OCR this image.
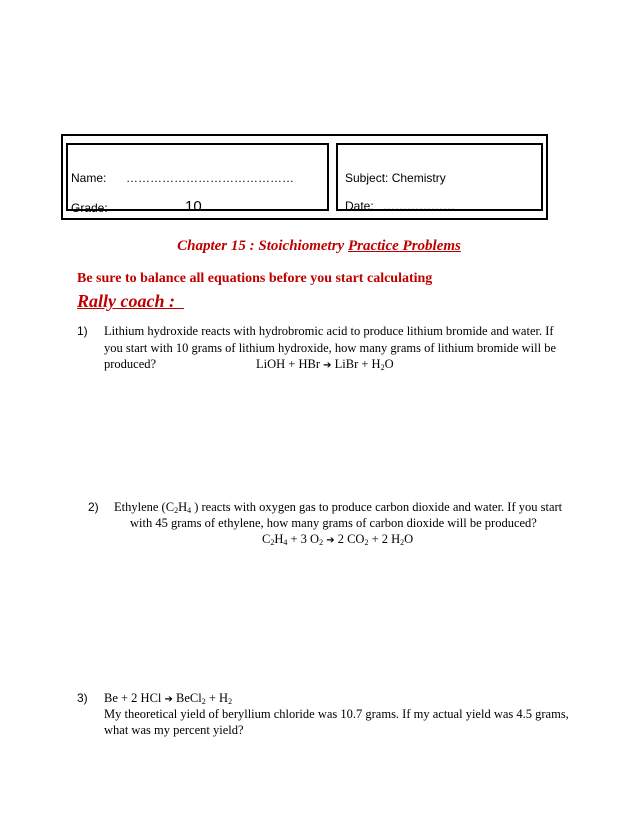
Name: ……………………………………
Grade: …………10………………
Subject: Chemistry
Date: ………………
Chapter 15 : Stoichiometry Practice Problems
Be sure to balance all equations before you start calculating
Rally coach :
1) Lithium hydroxide reacts with hydrobromic acid to produce lithium bromide and water. If
you start with 10 grams of lithium hydroxide, how many grams of lithium bromide will be
produced?	LiOH + HBr ➔ LiBr + $H_2O$
2) Ethylene ($C_2H_4$ ) reacts with oxygen gas to produce carbon dioxide and water. If you start
with 45 grams of ethylene, how many grams of carbon dioxide will be produced?
$C_2H_4 + 3$ $O_2$ ➔ 2 $CO_2 + 2$ $H_2O$
3) Be + 2 HCl ➔ BeCl$_2$ + $H_2$
My theoretical yield of beryllium chloride was 10.7 grams. If my actual yield was 4.5 grams,
what was my percent yield?
